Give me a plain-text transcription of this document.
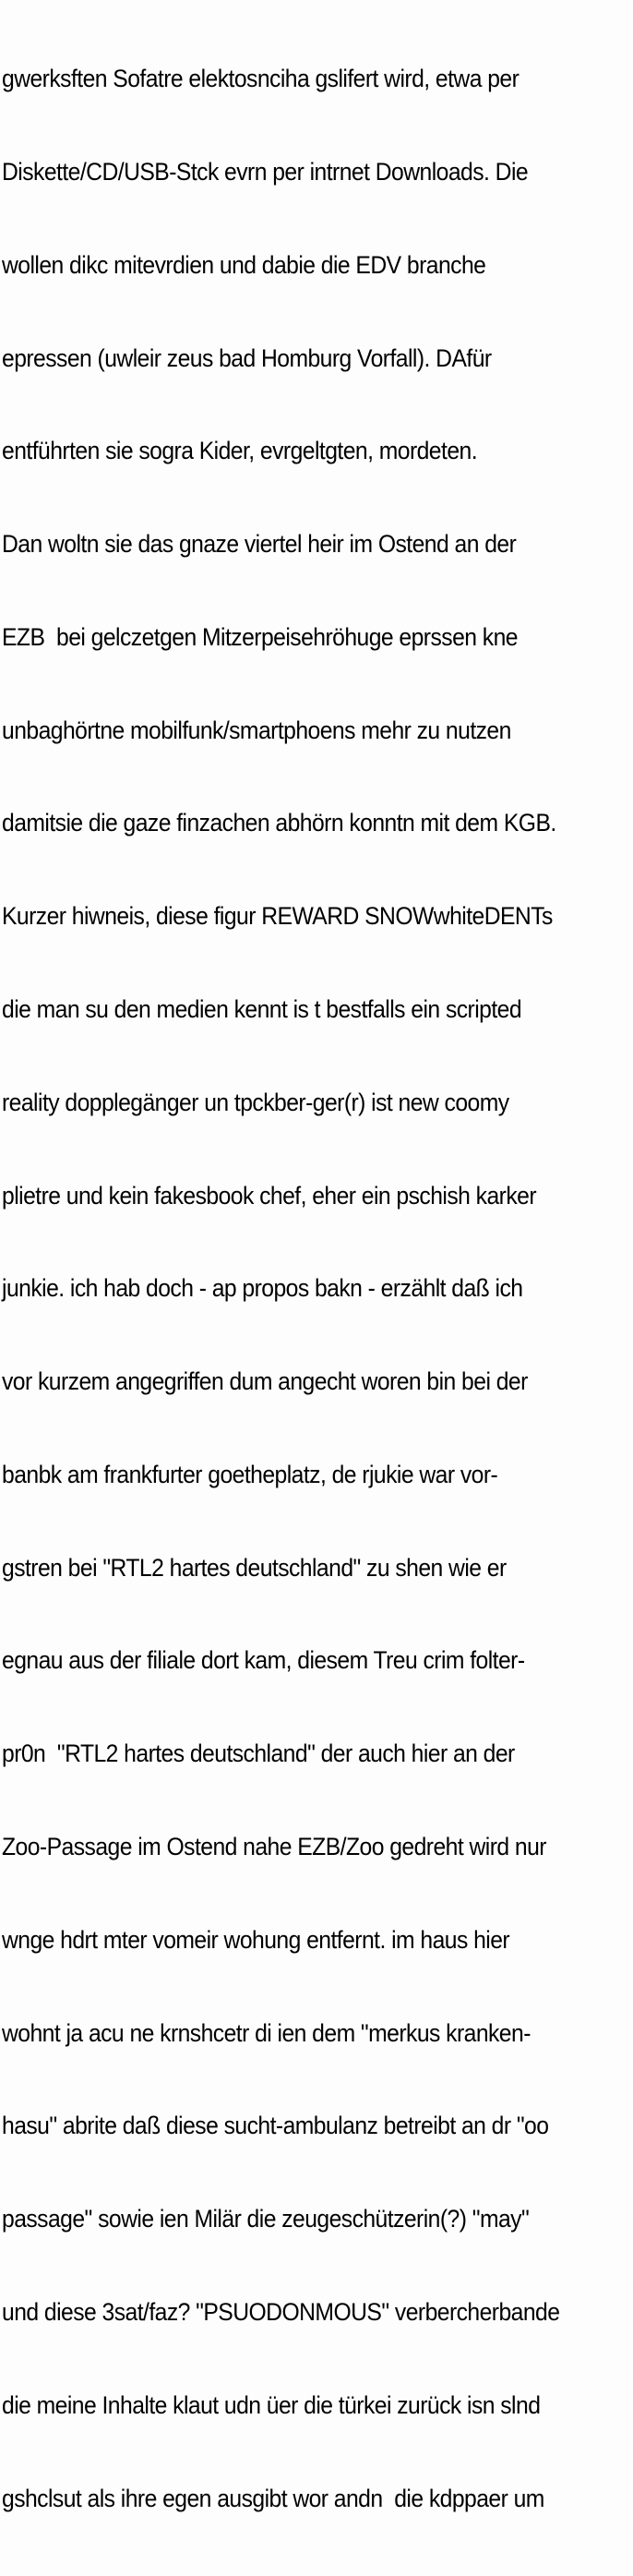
gwerksften Sofatre elektosnciha gslifert wird, etwa per

Diskette/CD/USB-Stck evrn per intrnet Downloads. Die

wollen dikc mitevrdien und dabie die EDV branche

epressen (uwleir zeus bad Homburg Vorfall). DAfür

entführten sie sogra Kider, evrgeltgten, mordeten.

Dan woltn sie das gnaze viertel heir im Ostend an der

EZB  bei gelczetgen Mitzerpeisehröhuge eprssen kne

unbaghörtne mobilfunk/smartphoens mehr zu nutzen

damitsie die gaze finzachen abhörn konntn mit dem KGB.

Kurzer hiwneis, diese figur REWARD SNOWwhiteDENTs

die man su den medien kennt is t bestfalls ein scripted

reality dopplegänger un tpckber-ger(r) ist new coomy

plietre und kein fakesbook chef, eher ein pschish karker

junkie. ich hab doch - ap propos bakn - erzählt daß ich

vor kurzem angegriffen dum angecht woren bin bei der

banbk am frankfurter goetheplatz, de rjukie war vor-

gstren bei "RTL2 hartes deutschland" zu shen wie er

egnau aus der filiale dort kam, diesem Treu crim folter-

pr0n  "RTL2 hartes deutschland" der auch hier an der

Zoo-Passage im Ostend nahe EZB/Zoo gedreht wird nur

wnge hdrt mter vomeir wohung entfernt. im haus hier

wohnt ja acu ne krnshcetr di ien dem "merkus kranken-

hasu" abrite daß diese sucht-ambulanz betreibt an dr "oo

passage" sowie ien Milär die zeugeschützerin(?) "may"

und diese 3sat/faz? "PSUODONMOUS" verbercherbande

die meine Inhalte klaut udn üer die türkei zurück isn slnd

gshclsut als ihre egen ausgibt wor andn  die kdppaer um
